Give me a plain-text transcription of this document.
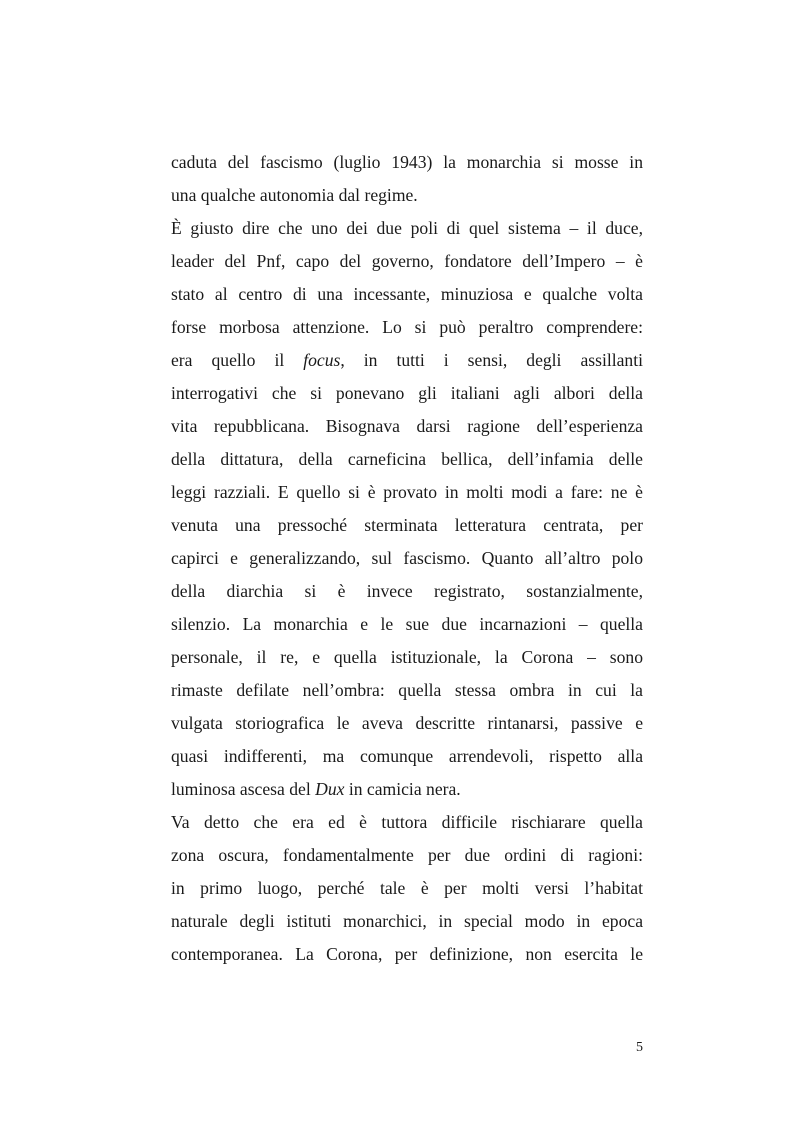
caduta del fascismo (luglio 1943) la monarchia si mosse in
una qualche autonomia dal regime.
È giusto dire che uno dei due poli di quel sistema – il duce,
leader del Pnf, capo del governo, fondatore dell’Impero – è
stato al centro di una incessante, minuziosa e qualche volta
forse morbosa attenzione. Lo si può peraltro comprendere:
era quello il focus, in tutti i sensi, degli assillanti
interrogativi che si ponevano gli italiani agli albori della
vita repubblicana. Bisognava darsi ragione dell’esperienza
della dittatura, della carneficina bellica, dell’infamia delle
leggi razziali. E quello si è provato in molti modi a fare: ne è
venuta una pressoché sterminata letteratura centrata, per
capirci e generalizzando, sul fascismo. Quanto all’altro polo
della diarchia si è invece registrato, sostanzialmente,
silenzio. La monarchia e le sue due incarnazioni – quella
personale, il re, e quella istituzionale, la Corona – sono
rimaste defilate nell’ombra: quella stessa ombra in cui la
vulgata storiografica le aveva descritte rintanarsi, passive e
quasi indifferenti, ma comunque arrendevoli, rispetto alla
luminosa ascesa del Dux in camicia nera.
Va detto che era ed è tuttora difficile rischiarare quella
zona oscura, fondamentalmente per due ordini di ragioni:
in primo luogo, perché tale è per molti versi l’habitat
naturale degli istituti monarchici, in special modo in epoca
contemporanea. La Corona, per definizione, non esercita le
5
